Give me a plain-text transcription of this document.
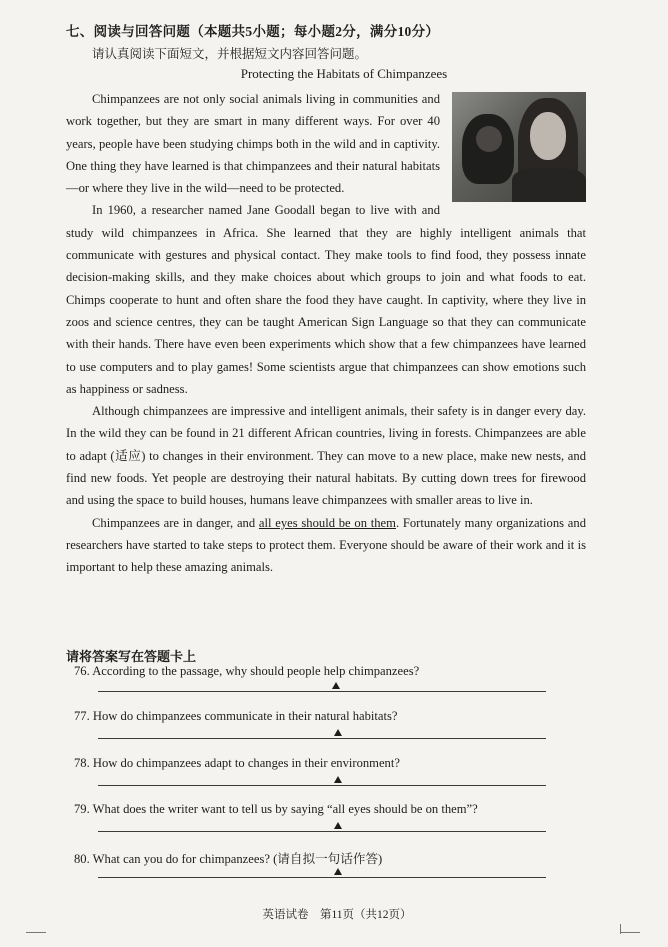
七、阅读与回答问题（本题共5小题；每小题2分，满分10分）
请认真阅读下面短文，并根据短文内容回答问题。
Protecting the Habitats of Chimpanzees

Chimpanzees are not only social animals living in communities and work together, but they are smart in many different ways. For over 40 years, people have been studying chimps both in the wild and in captivity. One thing they have learned is that chimpanzees and their natural habitats—or where they live in the wild—need to be protected.

In 1960, a researcher named Jane Goodall began to live with and study wild chimpanzees in Africa. She learned that they are highly intelligent animals that communicate with gestures and physical contact. They make tools to find food, they possess innate decision-making skills, and they make choices about which groups to join and what foods to eat. Chimps cooperate to hunt and often share the food they have caught. In captivity, where they live in zoos and science centres, they can be taught American Sign Language so that they can communicate with their hands. There have even been experiments which show that a few chimpanzees have learned to use computers and to play games! Some scientists argue that chimpanzees can show emotions such as happiness or sadness.

Although chimpanzees are impressive and intelligent animals, their safety is in danger every day. In the wild they can be found in 21 different African countries, living in forests. Chimpanzees are able to adapt (适应) to changes in their environment. They can move to a new place, make new nests, and find new foods. Yet people are destroying their natural habitats. By cutting down trees for firewood and using the space to build houses, humans leave chimpanzees with smaller areas to live in.

Chimpanzees are in danger, and all eyes should be on them. Fortunately many organizations and researchers have started to take steps to protect them. Everyone should be aware of their work and it is important to help these amazing animals.

请将答案写在答题卡上
76. According to the passage, why should people help chimpanzees?
77. How do chimpanzees communicate in their natural habitats?
78. How do chimpanzees adapt to changes in their environment?
79. What does the writer want to tell us by saying “all eyes should be on them”?
80. What can you do for chimpanzees? (请自拟一句话作答)
英语试卷　第11页（共12页）
